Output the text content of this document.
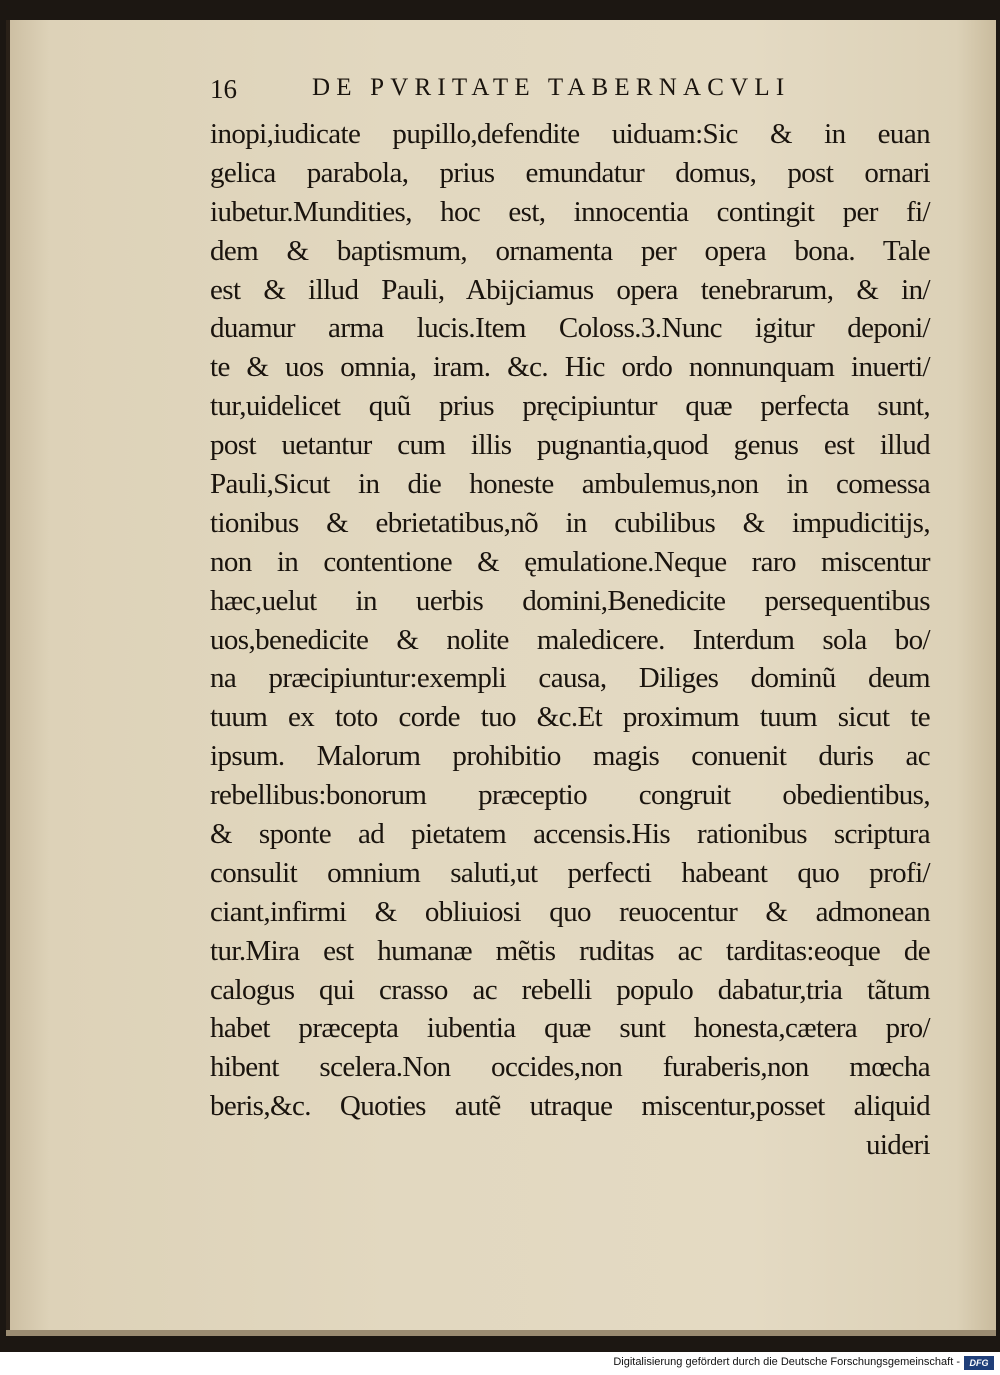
16	DE PVRITATE TABERNACVLI
inopi,iudicate pupillo,defendite uiduam:Sic & in euan
gelica parabola, prius emundatur domus, post ornari
iubetur.Mundities, hoc est, innocentia contingit per fi/
dem & baptismum, ornamenta per opera bona. Tale
est & illud Pauli, Abijciamus opera tenebrarum, & in/
duamur arma lucis.Item Coloss.3.Nunc igitur deponi/
te & uos omnia, iram. &c. Hic ordo nonnunquam inuerti/
tur,uidelicet quũ prius pręcipiuntur quæ perfecta sunt,
post uetantur cum illis pugnantia,quod genus est illud
Pauli,Sicut in die honeste ambulemus,non in comessa
tionibus & ebrietatibus,nõ in cubilibus & impudicitijs,
non in contentione & ęmulatione.Neque raro miscentur
hæc,uelut in uerbis domini,Benedicite persequentibus
uos,benedicite & nolite maledicere. Interdum sola bo/
na præcipiuntur:exempli causa, Diliges dominũ deum
tuum ex toto corde tuo &c.Et proximum tuum sicut te
ipsum. Malorum prohibitio magis conuenit duris ac
rebellibus:bonorum præceptio congruit obedientibus,
& sponte ad pietatem accensis.His rationibus scriptura
consulit omnium saluti,ut perfecti habeant quo profi/
ciant,infirmi & obliuiosi quo reuocentur & admonean
tur.Mira est humanæ mẽtis ruditas ac tarditas:eoque de
calogus qui crasso ac rebelli populo dabatur,tria tãtum
habet præcepta iubentia quæ sunt honesta,cætera pro/
hibent scelera.Non occides,non furaberis,non mœcha
beris,&c. Quoties autẽ utraque miscentur,posset aliquid
uideri
Digitalisierung gefördert durch die Deutsche Forschungsgemeinschaft -	DFG
